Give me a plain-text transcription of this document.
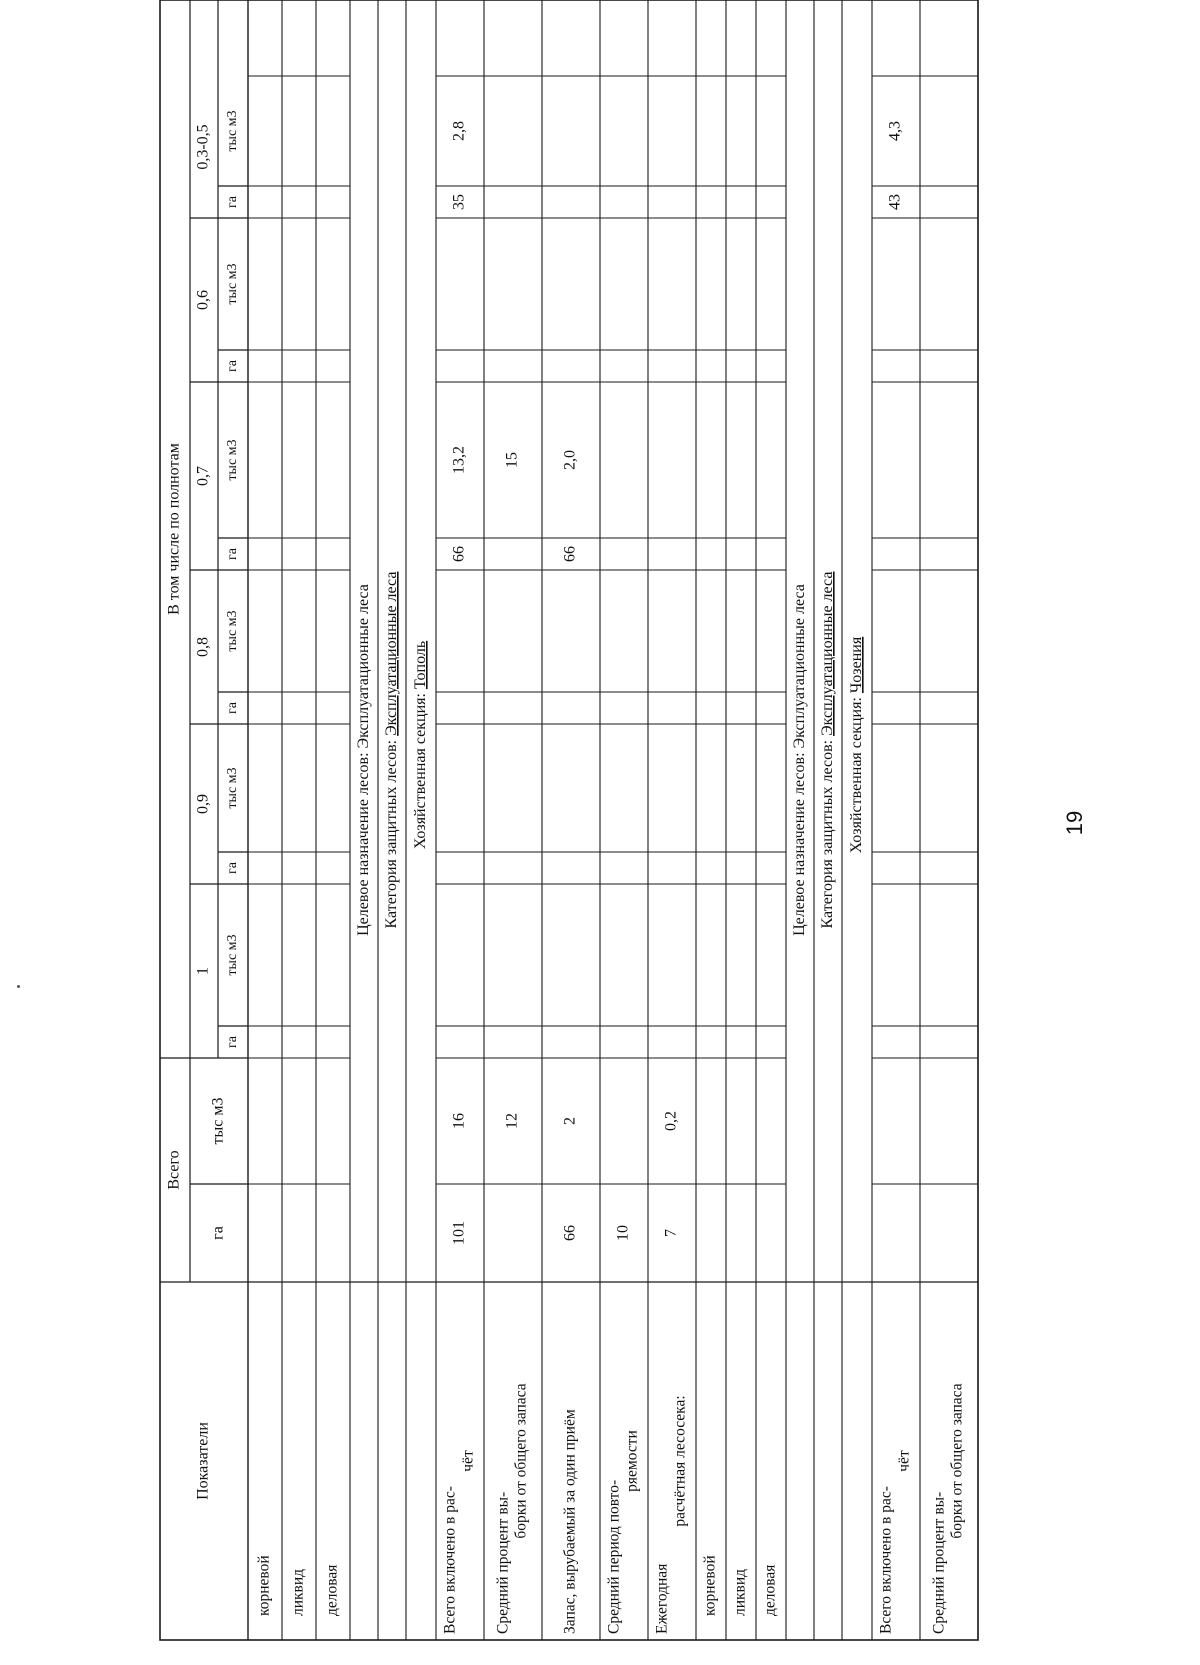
Показатели
Всего
га
тыс м3
В том числе по полнотам
1
га
тыс м3
0,9
га
тыс м3
0,8
га
тыс м3
0,7
га
тыс м3
0,6
га
тыс м3
0,3-0,5
га
тыс м3
корневой ликвид деловая
Целевое назначение лесов: Эксплуатационные леса
Категория защитных лесов: Эксплуатационные леса
Хозяйственная секция: Тополь
Всего включено в рас-
чёт
101
16
66
13,2
35
2,8
Средний процент вы-
борки от общего запаса
12
15
Запас, вырубаемый за один приём
66
2
66
2,0
Средний период повто-
ряемости
10
Ежегодная
расчётная лесосека:
7
0,2
корневой ликвид деловая
Целевое назначение лесов: Эксплуатационные леса
Категория защитных лесов: Эксплуатационные леса
Хозяйственная секция: Чозения
Всего включено в рас-
чёт
43
4,3
Средний процент вы-
борки от общего запаса
19
